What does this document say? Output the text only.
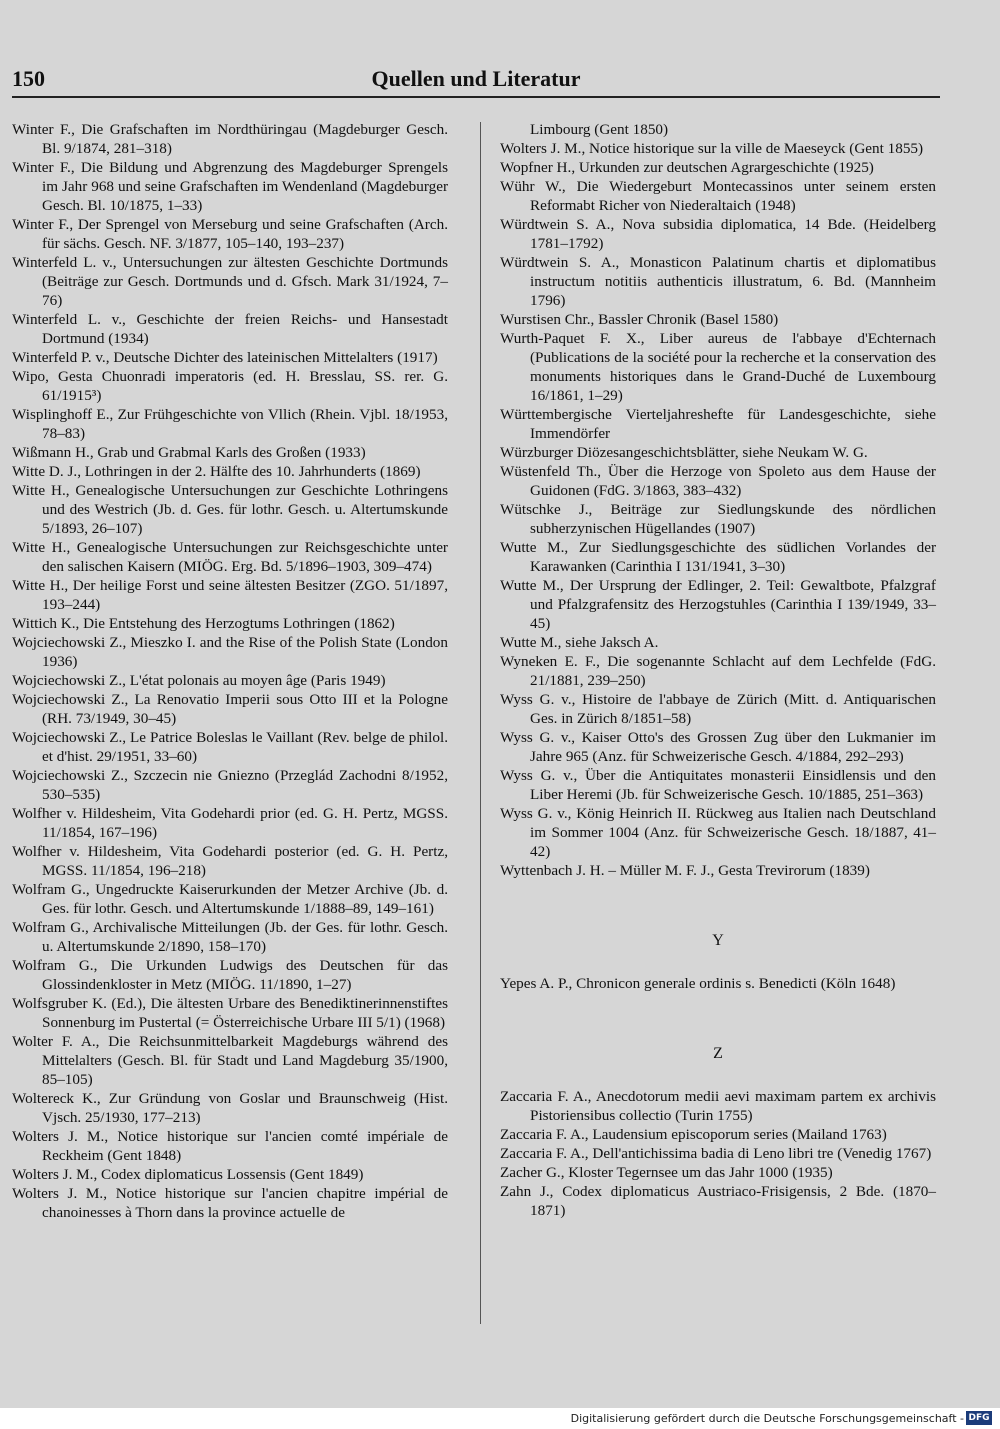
Quellen und Literatur
150

Winter F., Die Grafschaften im Nordthüringau (Magdeburger Gesch. Bl. 9/1874, 281–318)

Winter F., Die Bildung und Abgrenzung des Magdeburger Sprengels im Jahr 968 und seine Grafschaften im Wendenland (Magdeburger Gesch. Bl. 10/1875, 1–33)

Winter F., Der Sprengel von Merseburg und seine Grafschaften (Arch. für sächs. Gesch. NF. 3/1877, 105–140, 193–237)

Winterfeld L. v., Untersuchungen zur ältesten Geschichte Dortmunds (Beiträge zur Gesch. Dortmunds und d. Gfsch. Mark 31/1924, 7–76)

Winterfeld L. v., Geschichte der freien Reichs- und Hansestadt Dortmund (1934)

Winterfeld P. v., Deutsche Dichter des lateinischen Mittelalters (1917)

Wipo, Gesta Chuonradi imperatoris (ed. H. Bresslau, SS. rer. G. 61/1915³)

Wisplinghoff E., Zur Frühgeschichte von Vllich (Rhein. Vjbl. 18/1953, 78–83)

Wißmann H., Grab und Grabmal Karls des Großen (1933)

Witte D. J., Lothringen in der 2. Hälfte des 10. Jahrhunderts (1869)

Witte H., Genealogische Untersuchungen zur Geschichte Lothringens und des Westrich (Jb. d. Ges. für lothr. Gesch. u. Altertumskunde 5/1893, 26–107)

Witte H., Genealogische Untersuchungen zur Reichsgeschichte unter den salischen Kaisern (MIÖG. Erg. Bd. 5/1896–1903, 309–474)

Witte H., Der heilige Forst und seine ältesten Besitzer (ZGO. 51/1897, 193–244)

Wittich K., Die Entstehung des Herzogtums Lothringen (1862)

Wojciechowski Z., Mieszko I. and the Rise of the Polish State (London 1936)

Wojciechowski Z., L'état polonais au moyen âge (Paris 1949)

Wojciechowski Z., La Renovatio Imperii sous Otto III et la Pologne (RH. 73/1949, 30–45)

Wojciechowski Z., Le Patrice Boleslas le Vaillant (Rev. belge de philol. et d'hist. 29/1951, 33–60)

Wojciechowski Z., Szczecin nie Gniezno (Przeglád Zachodni 8/1952, 530–535)

Wolfher v. Hildesheim, Vita Godehardi prior (ed. G. H. Pertz, MGSS. 11/1854, 167–196)

Wolfher v. Hildesheim, Vita Godehardi posterior (ed. G. H. Pertz, MGSS. 11/1854, 196–218)

Wolfram G., Ungedruckte Kaiserurkunden der Metzer Archive (Jb. d. Ges. für lothr. Gesch. und Altertumskunde 1/1888–89, 149–161)

Wolfram G., Archivalische Mitteilungen (Jb. der Ges. für lothr. Gesch. u. Altertumskunde 2/1890, 158–170)

Wolfram G., Die Urkunden Ludwigs des Deutschen für das Glossindenkloster in Metz (MIÖG. 11/1890, 1–27)

Wolfsgruber K. (Ed.), Die ältesten Urbare des Benediktinerinnenstiftes Sonnenburg im Pustertal (= Österreichische Urbare III 5/1) (1968)

Wolter F. A., Die Reichsunmittelbarkeit Magdeburgs während des Mittelalters (Gesch. Bl. für Stadt und Land Magdeburg 35/1900, 85–105)

Woltereck K., Zur Gründung von Goslar und Braunschweig (Hist. Vjsch. 25/1930, 177–213)

Wolters J. M., Notice historique sur l'ancien comté impériale de Reckheim (Gent 1848)

Wolters J. M., Codex diplomaticus Lossensis (Gent 1849)

Wolters J. M., Notice historique sur l'ancien chapitre impérial de chanoinesses à Thorn dans la province actuelle de

Limbourg (Gent 1850)

Wolters J. M., Notice historique sur la ville de Maeseyck (Gent 1855)

Wopfner H., Urkunden zur deutschen Agrargeschichte (1925)

Wühr W., Die Wiedergeburt Montecassinos unter seinem ersten Reformabt Richer von Niederaltaich (1948)

Würdtwein S. A., Nova subsidia diplomatica, 14 Bde. (Heidelberg 1781–1792)

Würdtwein S. A., Monasticon Palatinum chartis et diplomatibus instructum notitiis authenticis illustratum, 6. Bd. (Mannheim 1796)

Wurstisen Chr., Bassler Chronik (Basel 1580)

Wurth-Paquet F. X., Liber aureus de l'abbaye d'Echternach (Publications de la société pour la recherche et la conservation des monuments historiques dans le Grand-Duché de Luxembourg 16/1861, 1–29)

Württembergische Vierteljahreshefte für Landesgeschichte, siehe Immendörfer

Würzburger Diözesangeschichtsblätter, siehe Neukam W. G.

Wüstenfeld Th., Über die Herzoge von Spoleto aus dem Hause der Guidonen (FdG. 3/1863, 383–432)

Wütschke J., Beiträge zur Siedlungskunde des nördlichen subherzynischen Hügellandes (1907)

Wutte M., Zur Siedlungsgeschichte des südlichen Vorlandes der Karawanken (Carinthia I 131/1941, 3–30)

Wutte M., Der Ursprung der Edlinger, 2. Teil: Gewaltbote, Pfalzgraf und Pfalzgrafensitz des Herzogstuhles (Carinthia I 139/1949, 33–45)

Wutte M., siehe Jaksch A.

Wyneken E. F., Die sogenannte Schlacht auf dem Lechfelde (FdG. 21/1881, 239–250)

Wyss G. v., Histoire de l'abbaye de Zürich (Mitt. d. Antiquarischen Ges. in Zürich 8/1851–58)

Wyss G. v., Kaiser Otto's des Grossen Zug über den Lukmanier im Jahre 965 (Anz. für Schweizerische Gesch. 4/1884, 292–293)

Wyss G. v., Über die Antiquitates monasterii Einsidlensis und den Liber Heremi (Jb. für Schweizerische Gesch. 10/1885, 251–363)

Wyss G. v., König Heinrich II. Rückweg aus Italien nach Deutschland im Sommer 1004 (Anz. für Schweizerische Gesch. 18/1887, 41–42)

Wyttenbach J. H. – Müller M. F. J., Gesta Trevirorum (1839)

Y

Yepes A. P., Chronicon generale ordinis s. Benedicti (Köln 1648)

Z

Zaccaria F. A., Anecdotorum medii aevi maximam partem ex archivis Pistoriensibus collectio (Turin 1755)

Zaccaria F. A., Laudensium episcoporum series (Mailand 1763)

Zaccaria F. A., Dell'antichissima badia di Leno libri tre (Venedig 1767)

Zacher G., Kloster Tegernsee um das Jahr 1000 (1935)

Zahn J., Codex diplomaticus Austriaco-Frisigensis, 2 Bde. (1870–1871)

Digitalisierung gefördert durch die Deutsche Forschungsgemeinschaft - DFG
